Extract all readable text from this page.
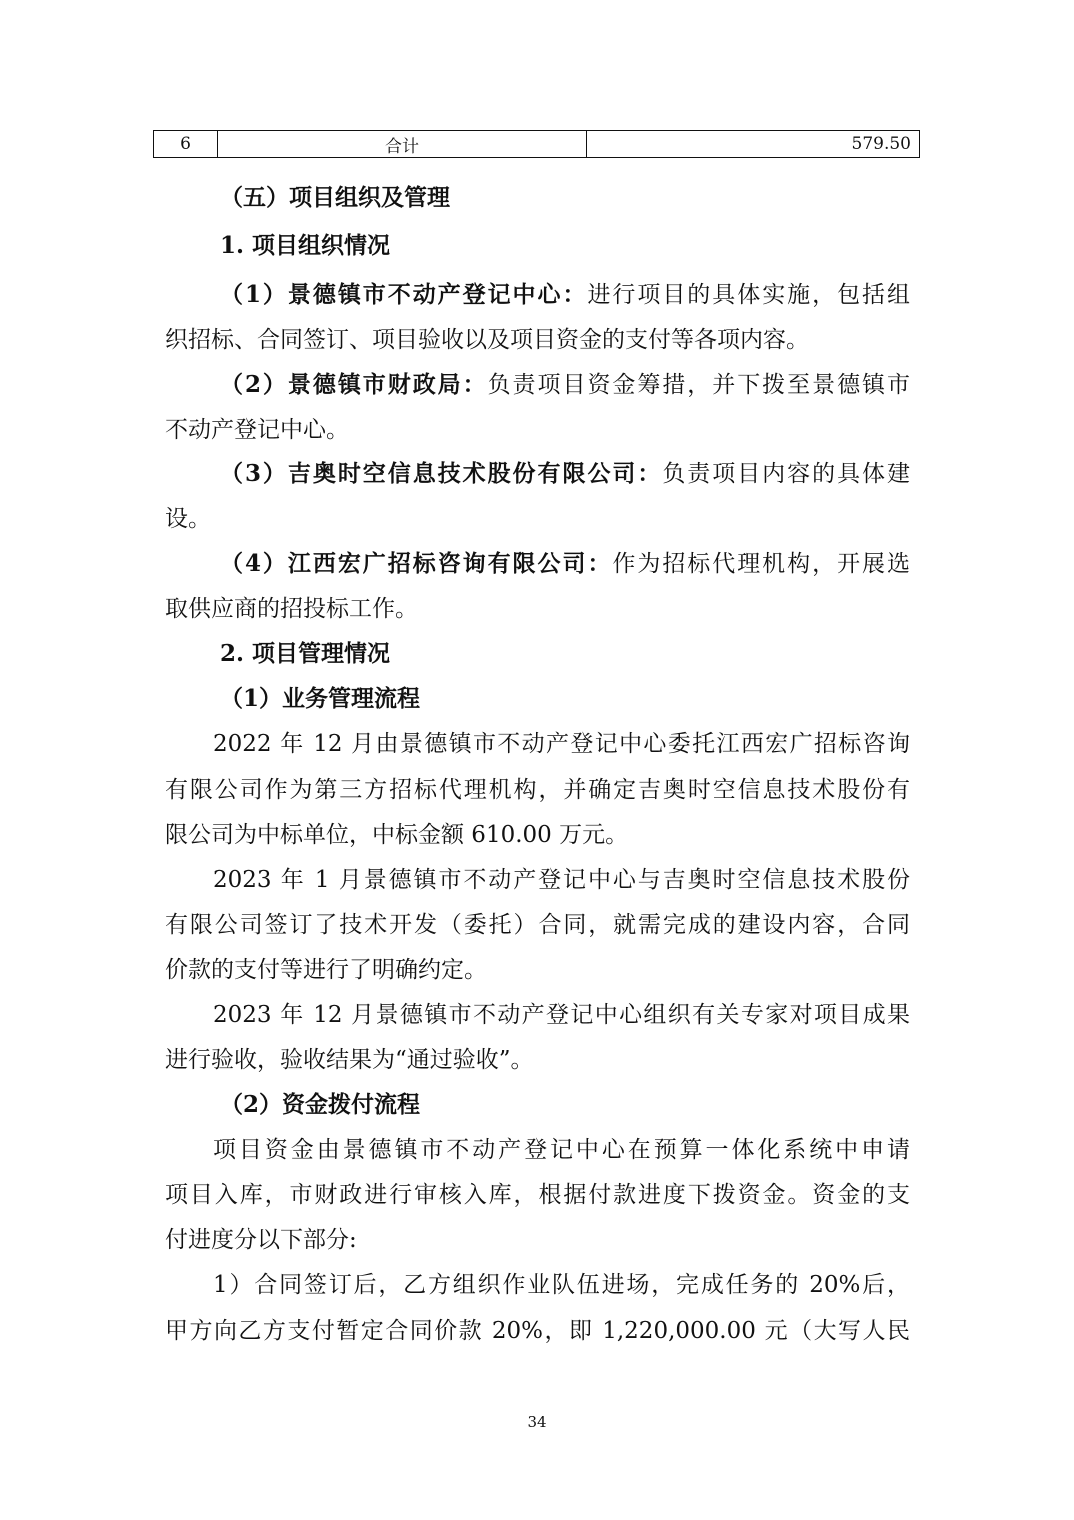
6	合计	579.50
（五）项目组织及管理
1. 项目组织情况
（1）景德镇市不动产登记中心：进行项目的具体实施，包括组
织招标、合同签订、项目验收以及项目资金的支付等各项内容。
（2）景德镇市财政局：负责项目资金筹措，并下拨至景德镇市
不动产登记中心。
（3）吉奥时空信息技术股份有限公司：负责项目内容的具体建
设。
（4）江西宏广招标咨询有限公司：作为招标代理机构，开展选
取供应商的招投标工作。
2. 项目管理情况
（1）业务管理流程
2022 年 12 月由景德镇市不动产登记中心委托江西宏广招标咨询
有限公司作为第三方招标代理机构，并确定吉奥时空信息技术股份有
限公司为中标单位，中标金额 610.00 万元。
2023 年 1 月景德镇市不动产登记中心与吉奥时空信息技术股份
有限公司签订了技术开发（委托）合同，就需完成的建设内容，合同
价款的支付等进行了明确约定。
2023 年 12 月景德镇市不动产登记中心组织有关专家对项目成果
进行验收，验收结果为“通过验收”。
（2）资金拨付流程
项目资金由景德镇市不动产登记中心在预算一体化系统中申请
项目入库，市财政进行审核入库，根据付款进度下拨资金。资金的支
付进度分以下部分:
1）合同签订后，乙方组织作业队伍进场，完成任务的 20%后，
甲方向乙方支付暂定合同价款 20%，即 1,220,000.00 元（大写人民
34
